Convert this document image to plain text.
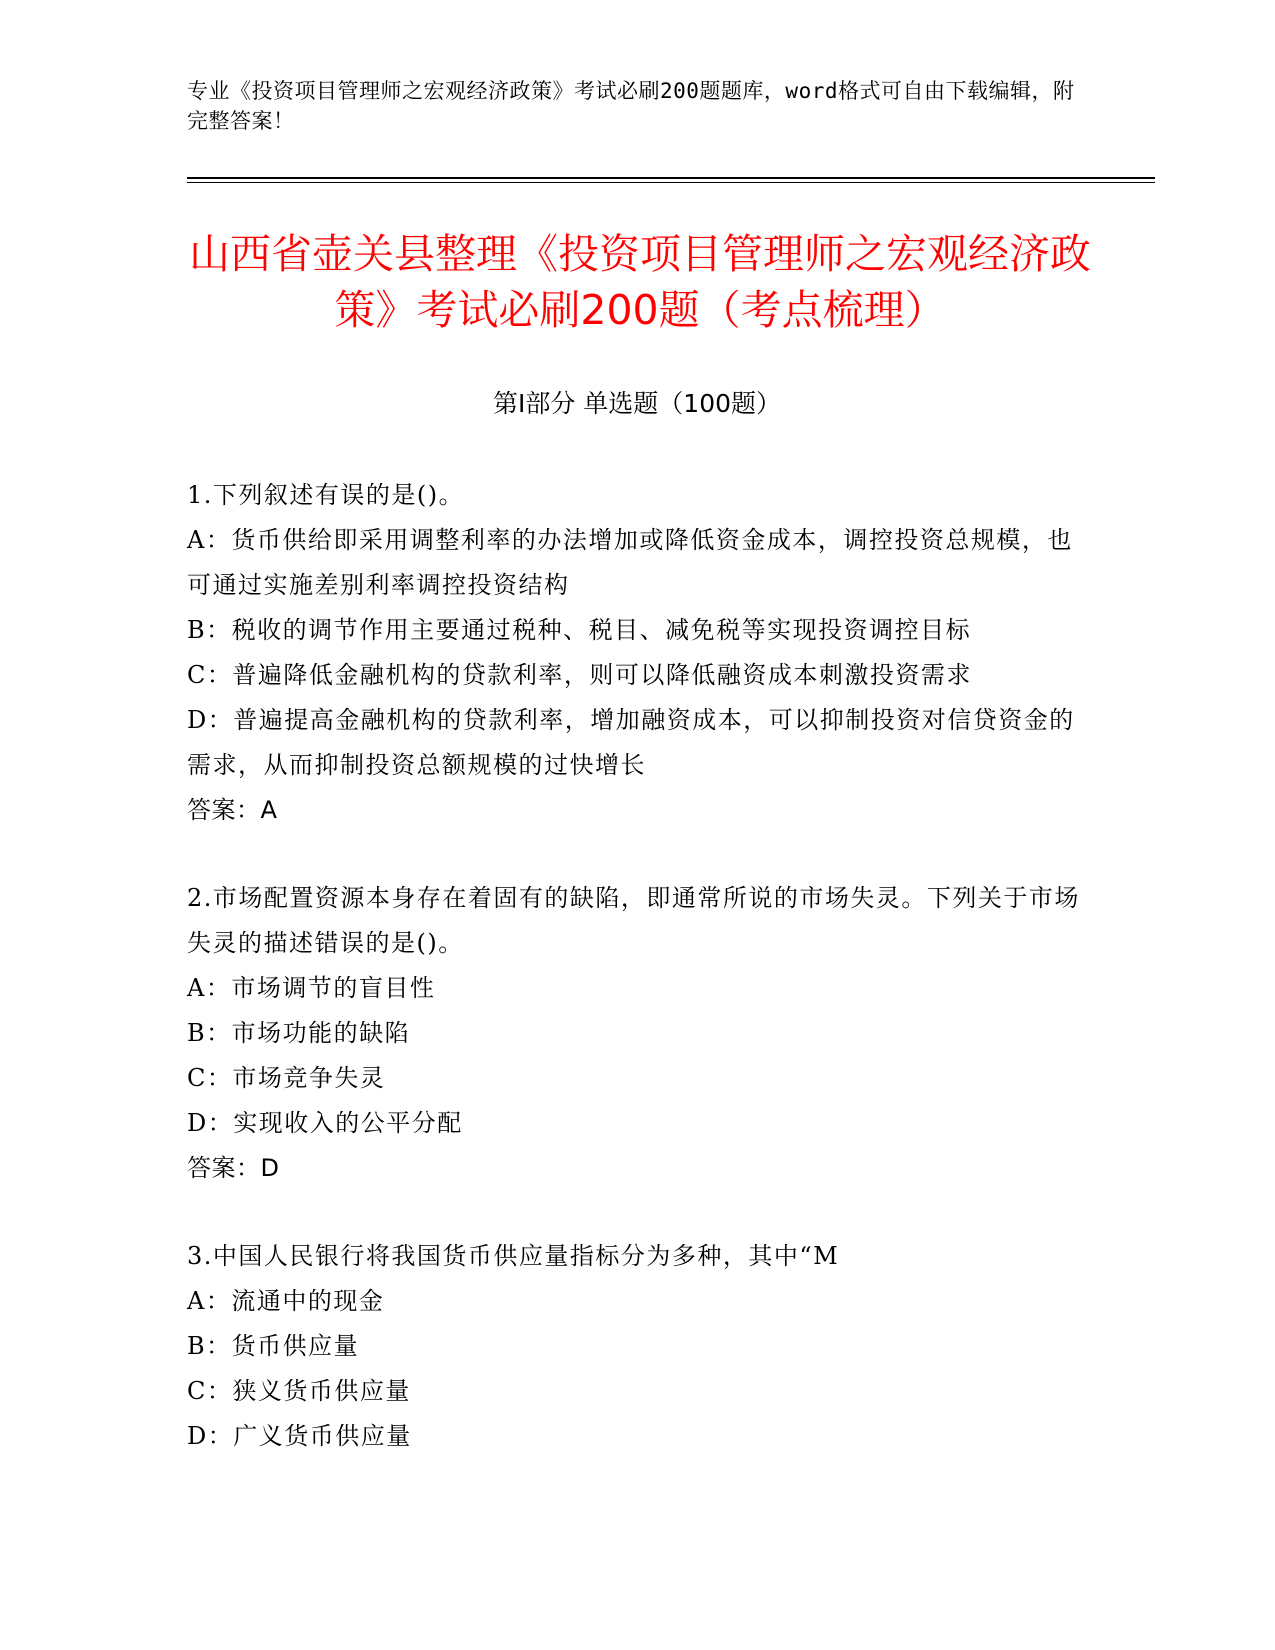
专业《投资项目管理师之宏观经济政策》考试必刷200题题库，word格式可自由下载编辑，附完整答案！
山西省壶关县整理《投资项目管理师之宏观经济政策》考试必刷200题（考点梳理）
第I部分 单选题（100题）

1.下列叙述有误的是()。

A：货币供给即采用调整利率的办法增加或降低资金成本，调控投资总规模，也可通过实施差别利率调控投资结构

B：税收的调节作用主要通过税种、税目、减免税等实现投资调控目标

C：普遍降低金融机构的贷款利率，则可以降低融资成本刺激投资需求

D：普遍提高金融机构的贷款利率，增加融资成本，可以抑制投资对信贷资金的需求，从而抑制投资总额规模的过快增长

答案：A

2.市场配置资源本身存在着固有的缺陷，即通常所说的市场失灵。下列关于市场失灵的描述错误的是()。

A：市场调节的盲目性

B：市场功能的缺陷

C：市场竞争失灵

D：实现收入的公平分配

答案：D

3.中国人民银行将我国货币供应量指标分为多种，其中“M

A：流通中的现金

B：货币供应量

C：狭义货币供应量

D：广义货币供应量
